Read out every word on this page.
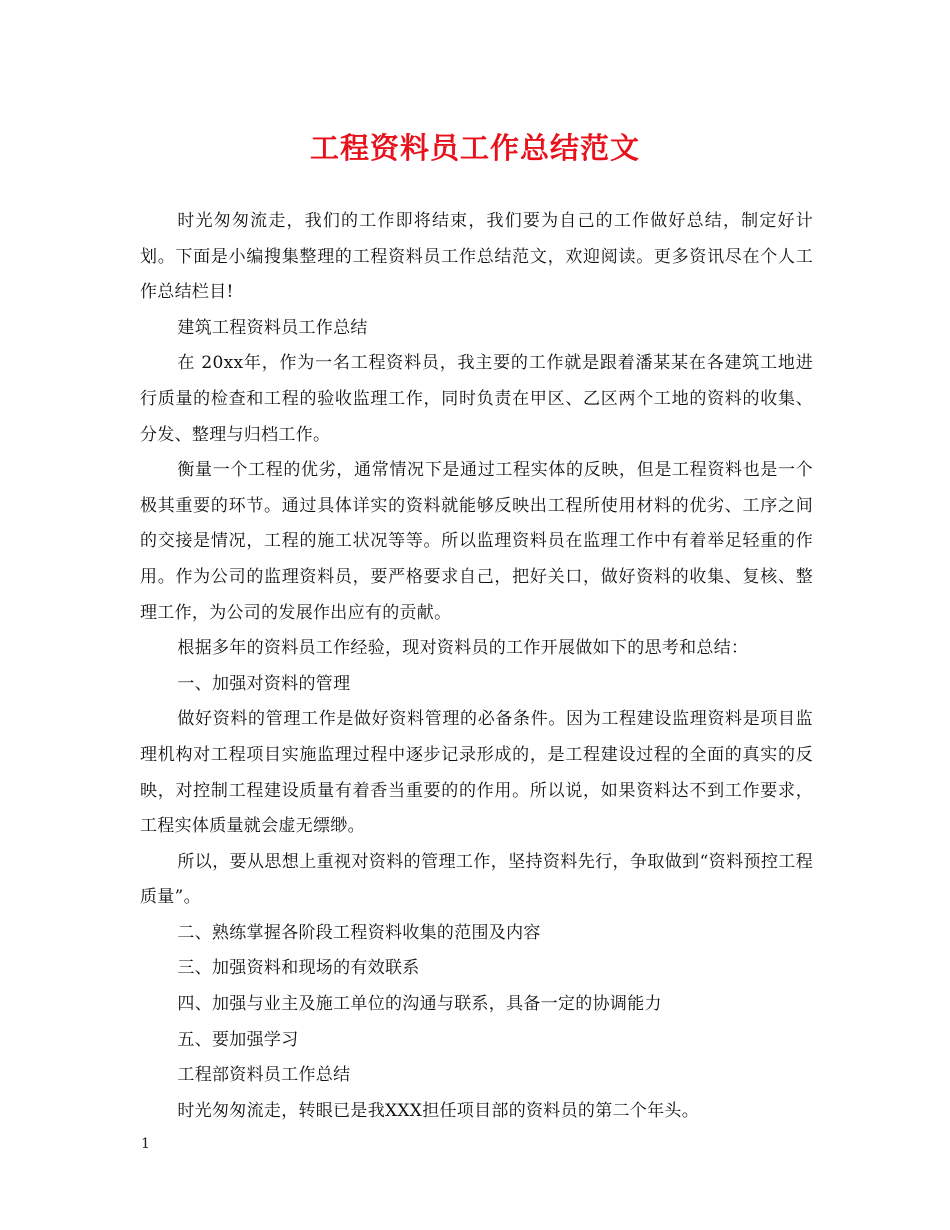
工程资料员工作总结范文

时光匆匆流走，我们的工作即将结束，我们要为自己的工作做好总结，制定好计划。下面是小编搜集整理的工程资料员工作总结范文，欢迎阅读。更多资讯尽在个人工作总结栏目!

建筑工程资料员工作总结

在 20xx年，作为一名工程资料员，我主要的工作就是跟着潘某某在各建筑工地进行质量的检查和工程的验收监理工作，同时负责在甲区、乙区两个工地的资料的收集、分发、整理与归档工作。

衡量一个工程的优劣，通常情况下是通过工程实体的反映，但是工程资料也是一个极其重要的环节。通过具体详实的资料就能够反映出工程所使用材料的优劣、工序之间的交接是情况，工程的施工状况等等。所以监理资料员在监理工作中有着举足轻重的作用。作为公司的监理资料员，要严格要求自己，把好关口，做好资料的收集、复核、整理工作，为公司的发展作出应有的贡献。

根据多年的资料员工作经验，现对资料员的工作开展做如下的思考和总结：

一、加强对资料的管理

做好资料的管理工作是做好资料管理的必备条件。因为工程建设监理资料是项目监理机构对工程项目实施监理过程中逐步记录形成的，是工程建设过程的全面的真实的反映，对控制工程建设质量有着香当重要的的作用。所以说，如果资料达不到工作要求，工程实体质量就会虚无缥缈。

所以，要从思想上重视对资料的管理工作，坚持资料先行，争取做到“资料预控工程质量”。

二、熟练掌握各阶段工程资料收集的范围及内容

三、加强资料和现场的有效联系

四、加强与业主及施工单位的沟通与联系，具备一定的协调能力

五、要加强学习

工程部资料员工作总结

时光匆匆流走，转眼已是我XXX担任项目部的资料员的第二个年头。

1
